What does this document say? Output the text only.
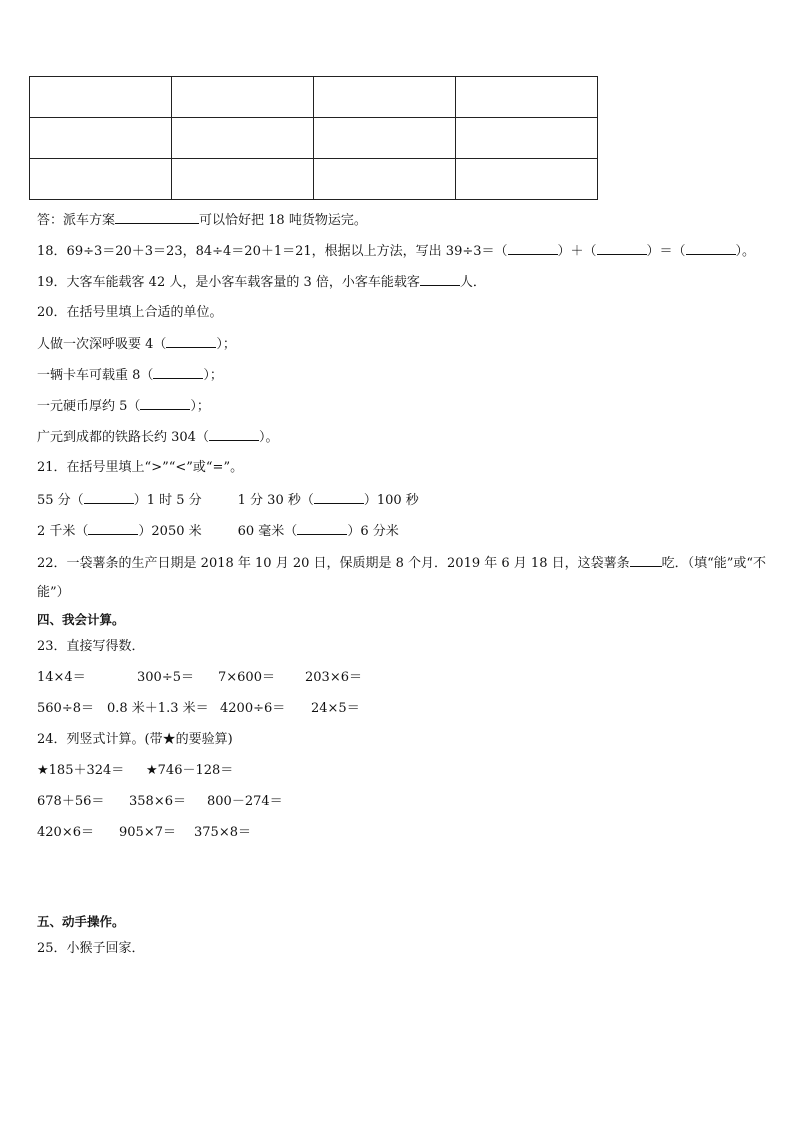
答：派车方案	可以恰好把 18 吨货物运完。
18．69÷3＝20＋3＝23，84÷4＝20＋1＝21，根据以上方法，写出 39÷3＝（	）＋（	）＝（	）。
19．大客车能载客 42 人，是小客车载客量的 3 倍，小客车能载客	人．
20．在括号里填上合适的单位。
人做一次深呼吸要 4（	）；
一辆卡车可载重 8（	）；
一元硬币厚约 5（	）；
广元到成都的铁路长约 304（	）。
21．在括号里填上“>”“<”或“=”。
55 分（	）1 时 5 分	1 分 30 秒（	）100 秒
2 千米（	）2050 米	60 毫米（	）6 分米
22．一袋薯条的生产日期是 2018 年 10 月 20 日，保质期是 8 个月．2019 年 6 月 18 日，这袋薯条 吃．（填“能”或“不
能”）
四、我会计算。
23．直接写得数．
14×4＝	300÷5＝ 7×600＝ 203×6＝
560÷8＝ 0.8 米＋1.3 米＝ 4200÷6＝ 24×5＝
24．列竖式计算。(带★的要验算)
★185＋324＝ ★746－128＝
678＋56＝ 358×6＝ 800－274＝
420×6＝ 905×7＝ 375×8＝
五、动手操作。
25．小猴子回家．
